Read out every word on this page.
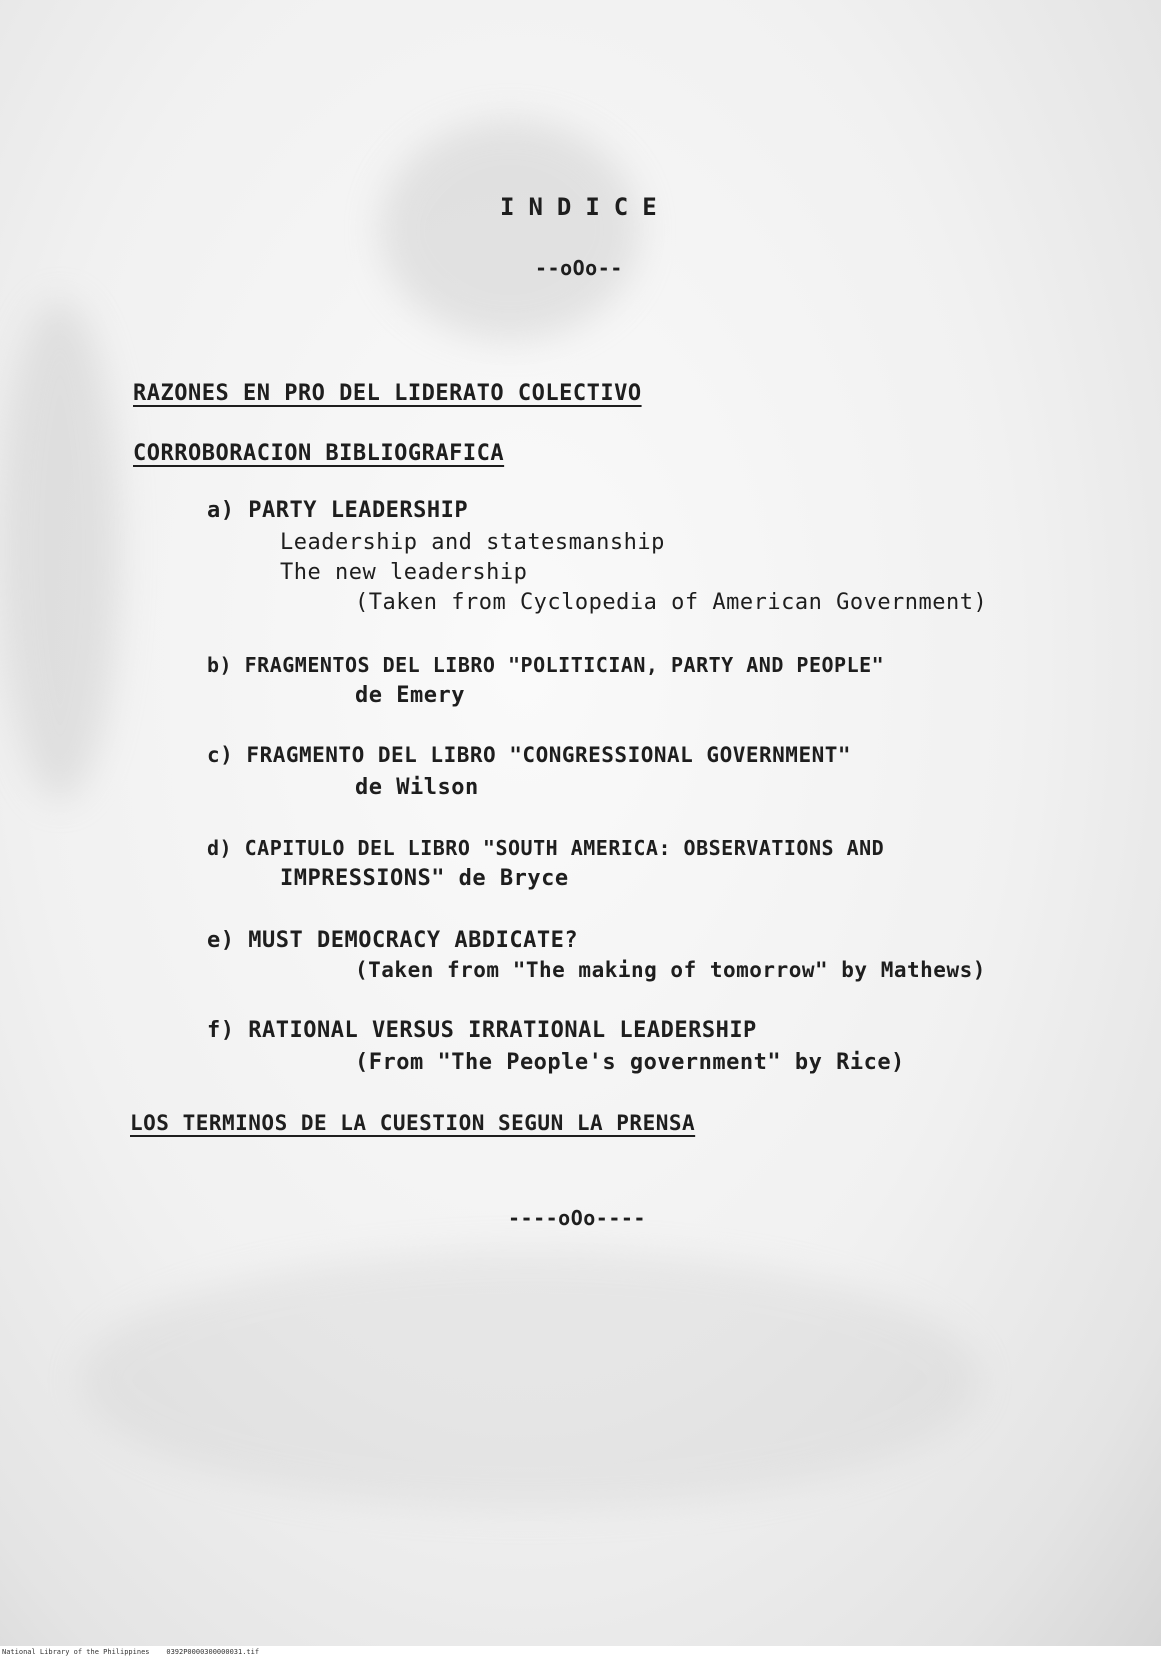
INDICE
--oOo--
RAZONES EN PRO DEL LIDERATO COLECTIVO
CORROBORACION BIBLIOGRAFICA
a) PARTY LEADERSHIP
Leadership and statesmanship
The new leadership
(Taken from Cyclopedia of American Government)
b) FRAGMENTOS DEL LIBRO "POLITICIAN, PARTY AND PEOPLE"
de Emery
c) FRAGMENTO DEL LIBRO "CONGRESSIONAL GOVERNMENT"
de Wilson
d) CAPITULO DEL LIBRO "SOUTH AMERICA: OBSERVATIONS AND
IMPRESSIONS" de Bryce
e) MUST DEMOCRACY ABDICATE?
(Taken from "The making of tomorrow" by Mathews)
f) RATIONAL VERSUS IRRATIONAL LEADERSHIP
(From "The People's government" by Rice)
LOS TERMINOS DE LA CUESTION SEGUN LA PRENSA
----oOo----
National Library of the Philippines    0392P0000300000031.tif
